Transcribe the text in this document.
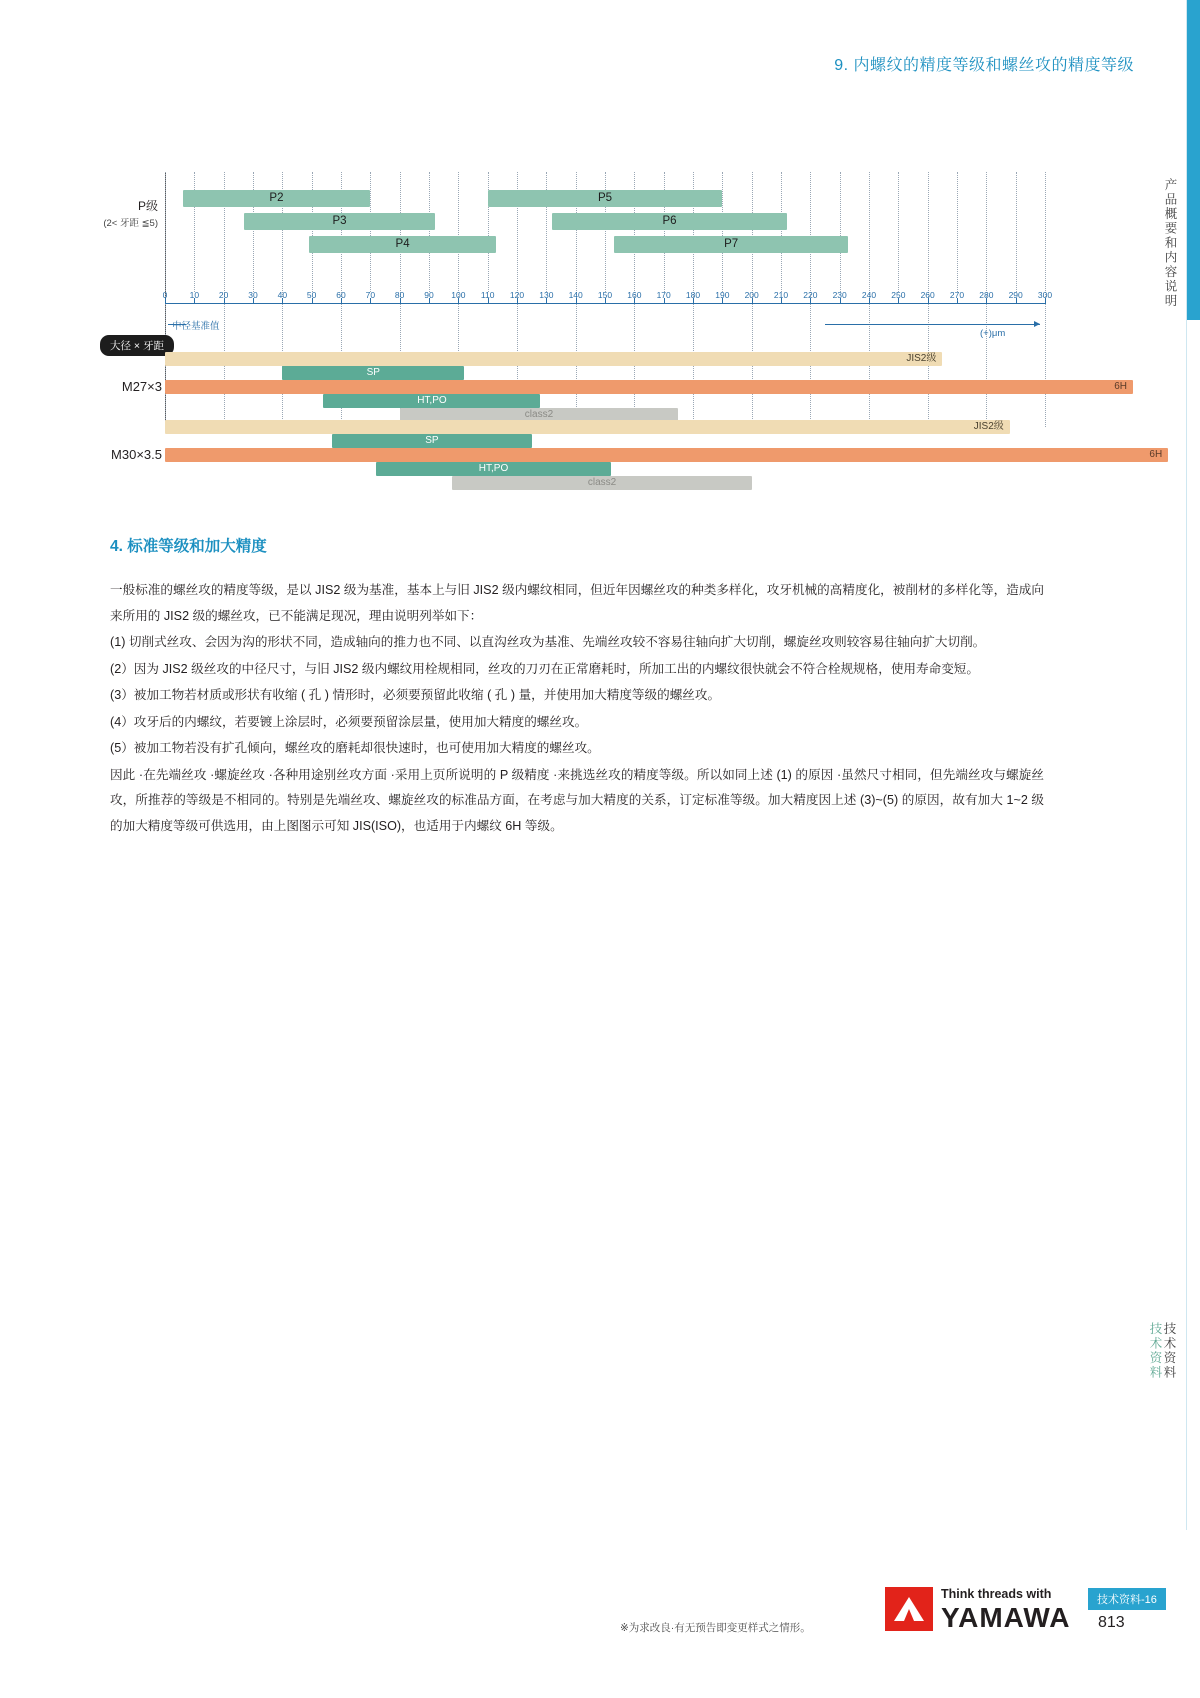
产品概要和内容说明
技术资料 技术资料
9. 内螺纹的精度等级和螺丝攻的精度等级
P级
(2< 牙距 ≦5)
P2	P5
P3	P6
P4	P7
0	10 20 30 40 50 60 70 80 90 100 110 120 130 140 150 160 170 180 190 200 210 220 230 240 250 260 270 280 290 300
中径基准值
(+)μm
大径 × 牙距
M27×3
JIS2级
SP
6H
HT,PO
class2
M30×3.5
JIS2级
SP
6H
HT,PO
class2
4. 标准等级和加大精度

一般标准的螺丝攻的精度等级，是以 JIS2 级为基准，基本上与旧 JIS2 级内螺纹相同，但近年因螺丝攻的种类多样化，攻牙机械的高精度化，被削材的多样化等，造成向来所用的 JIS2 级的螺丝攻，已不能满足现况，理由说明列举如下：

(1) 切削式丝攻、会因为沟的形状不同，造成轴向的推力也不同、以直沟丝攻为基准、先端丝攻较不容易往轴向扩大切削，螺旋丝攻则较容易往轴向扩大切削。

(2）因为 JIS2 级丝攻的中径尺寸，与旧 JIS2 级内螺纹用栓规相同，丝攻的刀刃在正常磨耗时，所加工出的内螺纹很快就会不符合栓规规格，使用寿命变短。

(3）被加工物若材质或形状有收缩 ( 孔 ) 情形时，必须要预留此收缩 ( 孔 ) 量，并使用加大精度等级的螺丝攻。

(4）攻牙后的内螺纹，若要镀上涂层时，必须要预留涂层量，使用加大精度的螺丝攻。

(5）被加工物若没有扩孔倾向，螺丝攻的磨耗却很快速时，也可使用加大精度的螺丝攻。

因此 ·在先端丝攻 ·螺旋丝攻 ·各种用途别丝攻方面 ·采用上页所说明的 P 级精度 ·来挑选丝攻的精度等级。所以如同上述 (1) 的原因 ·虽然尺寸相同，但先端丝攻与螺旋丝攻，所推荐的等级是不相同的。特别是先端丝攻、螺旋丝攻的标准品方面，在考虑与加大精度的关系，订定标准等级。加大精度因上述 (3)~(5) 的原因，故有加大 1~2 级的加大精度等级可供选用，由上图图示可知 JIS(ISO)，也适用于内螺纹 6H 等级。

※为求改良·有无预告即变更样式之情形。
Think threads with
YAMAWA
技术资料-16
813
